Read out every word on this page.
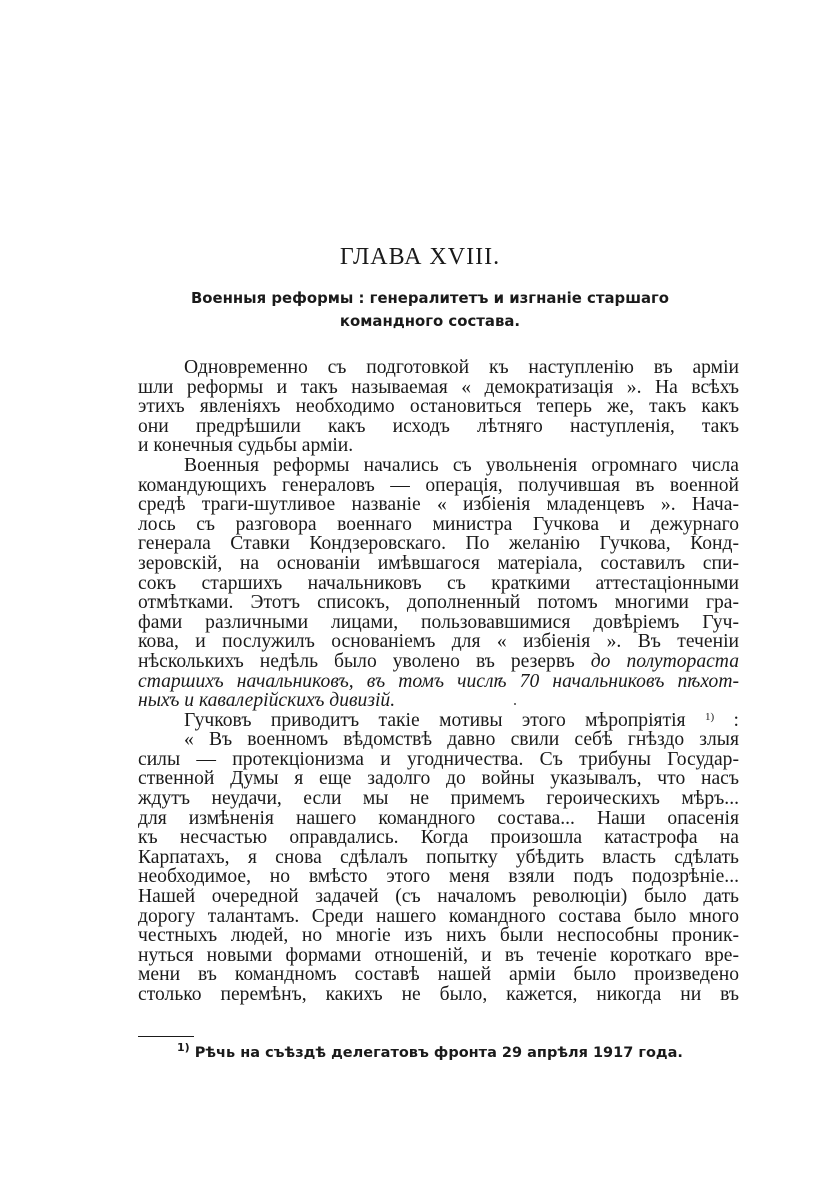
ГЛАВА XVIII.
Военныя реформы : генералитетъ и изгнаніе старшаго
командного состава.
Одновременно съ подготовкой къ наступленію въ арміи
шли реформы и такъ называемая « демократизація ». На всѣхъ
этихъ явленіяхъ необходимо остановиться теперь же, такъ какъ
они предрѣшили какъ исходъ лѣтняго наступленія, такъ
и конечныя судьбы арміи.
Военныя реформы начались съ увольненія огромнаго числа
командующихъ генераловъ — операція, получившая въ военной
средѣ траги-шутливое названіе « избіенія младенцевъ ». Нача-
лось съ разговора военнаго министра Гучкова и дежурнаго
генерала Ставки Кондзеровскаго. По желанію Гучкова, Конд-
зеровскій, на основаніи имѣвшагося матеріала, составилъ спи-
сокъ старшихъ начальниковъ съ краткими аттестаціонными
отмѣтками. Этотъ списокъ, дополненный потомъ многими гра-
фами различными лицами, пользовавшимися довѣріемъ Гуч-
кова, и послужилъ основаніемъ для « избіенія ». Въ теченіи
нѣсколькихъ недѣль было уволено въ резервъ до полутораста
старшихъ начальниковъ, въ томъ числѣ 70 начальниковъ пѣхот-
ныхъ и кавалерійскихъ дивизій.
Гучковъ приводитъ такіе мотивы этого мѣропріятія $^{1)}$ :
« Въ военномъ вѣдомствѣ давно свили себѣ гнѣздо злыя
силы — протекціонизма и угодничества. Съ трибуны Государ-
ственной Думы я еще задолго до войны указывалъ, что насъ
ждутъ неудачи, если мы не примемъ героическихъ мѣръ...
для измѣненія нашего командного состава... Наши опасенія
къ несчастью оправдались. Когда произошла катастрофа на
Карпатахъ, я снова сдѣлалъ попытку убѣдить власть сдѣлать
необходимое, но вмѣсто этого меня взяли подъ подозрѣніе...
Нашей очередной задачей (съ началомъ революціи) было дать
дорогу талантамъ. Среди нашего командного состава было много
честныхъ людей, но многіе изъ нихъ были неспособны проник-
нуться новыми формами отношеній, и въ теченіе короткаго вре-
мени въ командномъ составѣ нашей арміи было произведено
столько перемѣнъ, какихъ не было, кажется, никогда ни въ
$^{1)}$ Рѣчь на съѣздѣ делегатовъ фронта 29 апрѣля 1917 года.
